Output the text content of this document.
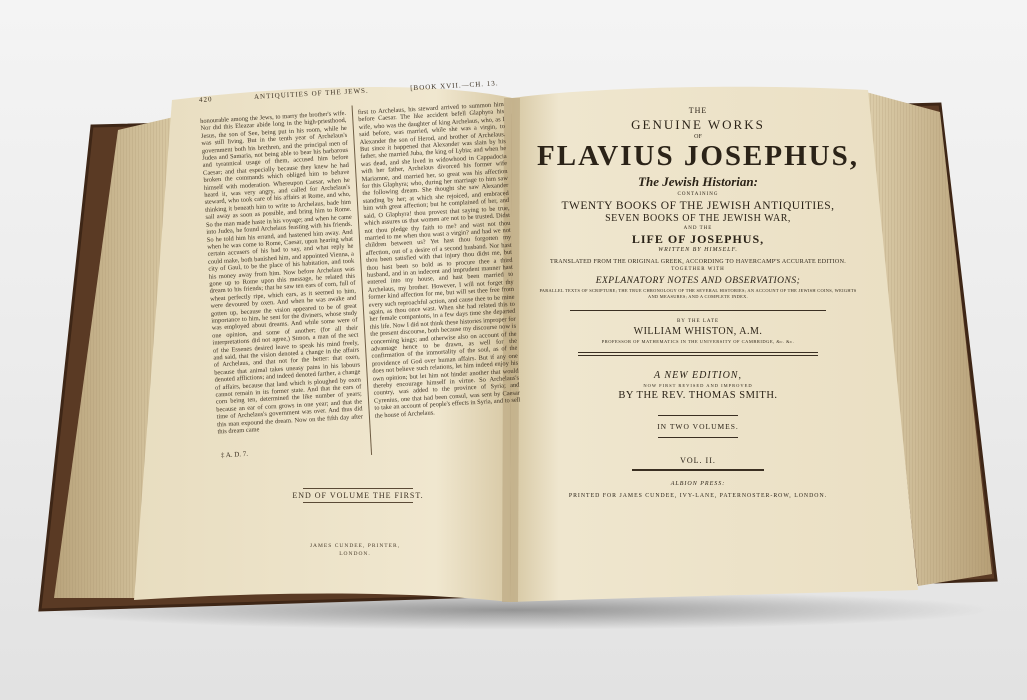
420	ANTIQUITIES OF THE JEWS.
[BOOK XVII.—CH. 13.
honourable among the Jews, to marry the brother's wife. Nor did this Eleazar abide long in the high-priesthood, Jesus, the son of See, being put in his room, while he was still living. But in the tenth year of Archelaus's government both his brethren, and the principal men of Judea and Samaria, not being able to bear his barbarous and tyrannical usage of them, accused him before Caesar; and that especially because they knew he had broken the commands which obliged him to behave himself with moderation. Whereupon Caesar, when he heard it, was very angry, and called for Archelaus's steward, who took care of his affairs at Rome, and who, thinking it beneath him to write to Archelaus, bade him sail away as soon as possible, and bring him to Rome. So the man made haste in his voyage; and when he came into Judea, he found Archelaus feasting with his friends. So he told him his errand, and hastened him away. And when he was come to Rome, Caesar, upon hearing what certain accusers of his had to say, and what reply he could make, both banished him, and appointed Vienna, a city of Gaul, to be the place of his habitation, and took his money away from him. Now before Archelaus was gone up to Rome upon this message, he related this dream to his friends; that he saw ten ears of corn, full of wheat perfectly ripe, which ears, as it seemed to him, were devoured by oxen. And when he was awake and gotten up, because the vision appeared to be of great importance to him, he sent for the diviners, whose study was employed about dreams. And while some were of one opinion, and some of another; (for all their interpretations did not agree,) Simon, a man of the sect of the Essenes desired leave to speak his mind freely, and said, that the vision denoted a change in the affairs of Archelaus, and that not for the better: that oxen, because that animal takes uneasy pains in his labours denoted afflictions; and indeed denoted farther, a change of affairs, because that land which is ploughed by oxen cannot remain in its former state. And that the ears of corn being ten, determined the like number of years; because an ear of corn grows in one year; and that the time of Archelaus's government was over. And thus did this man expound the dream. Now on the fifth day after this dream came
first to Archelaus, his steward arrived to summon him before Caesar. The like accident befell Glaphyra his wife, who was the daughter of king Archelaus, who, as I said before, was married, while she was a virgin, to Alexander the son of Herod, and brother of Archelaus. But since it happened that Alexander was slain by his father, she married Juba, the king of Lybia; and when he was dead, and she lived in widowhood in Cappadocia with her father, Archelaus divorced his former wife Mariamne, and married her, so great was his affection for this Glaphyra; who, during her marriage to him saw the following dream. She thought she saw Alexander standing by her; at which she rejoiced, and embraced him with great affection; but he complained of her, and said, O Glaphyra! thou provest that saying to be true, which assures us that women are not to be trusted. Didst not thou pledge thy faith to me? and wast not thou married to me when thou wast a virgin? and had we not children between us? Yet hast thou forgotten my affection, out of a desire of a second husband. Nor hast thou been satisfied with that injury thou didst me, but thou hast been so bold as to procure thee a third husband, and in an indecent and imprudent manner hast entered into my house, and hast been married to Archelaus, my brother. However, I will not forget thy former kind affection for me, but will set thee free from every such reproachful action, and cause thee to be mine again, as thou once wast. When she had related this to her female companions, in a few days time she departed this life. Now I did not think these histories improper for the present discourse, both because my discourse now is concerning kings; and otherwise also on account of the advantage hence to be drawn, as well for the confirmation of the immortality of the soul, as of the providence of God over human affairs. But if any one does not believe such relations, let him indeed enjoy his own opinion; but let him not hinder another that would thereby encourage himself in virtue. So Archelaus's country, was added to the province of Syria; and Cyrenius, one that had been consul, was sent by Caesar to take an account of people's effects in Syria, and to sell the house of Archelaus.
‡ A. D. 7.
END OF VOLUME THE FIRST.
JAMES CUNDEE, PRINTER,
LONDON.
THE
GENUINE WORKS
OF
FLAVIUS JOSEPHUS,
The Jewish Historian:
CONTAINING
TWENTY BOOKS OF THE JEWISH ANTIQUITIES,
SEVEN BOOKS OF THE JEWISH WAR,
AND THE
LIFE OF JOSEPHUS,
WRITTEN BY HIMSELF.
TRANSLATED FROM THE ORIGINAL GREEK, ACCORDING TO HAVERCAMP'S ACCURATE EDITION.
TOGETHER WITH
EXPLANATORY NOTES AND OBSERVATIONS;
PARALLEL TEXTS OF SCRIPTURE; THE TRUE CHRONOLOGY OF THE SEVERAL HISTORIES; AN ACCOUNT OF THE JEWISH COINS, WEIGHTS AND MEASURES; AND A COMPLETE INDEX.
BY THE LATE
WILLIAM WHISTON, A.M.
PROFESSOR OF MATHEMATICS IN THE UNIVERSITY OF CAMBRIDGE, &c. &c.
A NEW EDITION,
NOW FIRST REVISED AND IMPROVED
BY THE REV. THOMAS SMITH.
IN TWO VOLUMES.
VOL. II.
ALBION PRESS:
PRINTED FOR JAMES CUNDEE, IVY-LANE, PATERNOSTER-ROW, LONDON.
